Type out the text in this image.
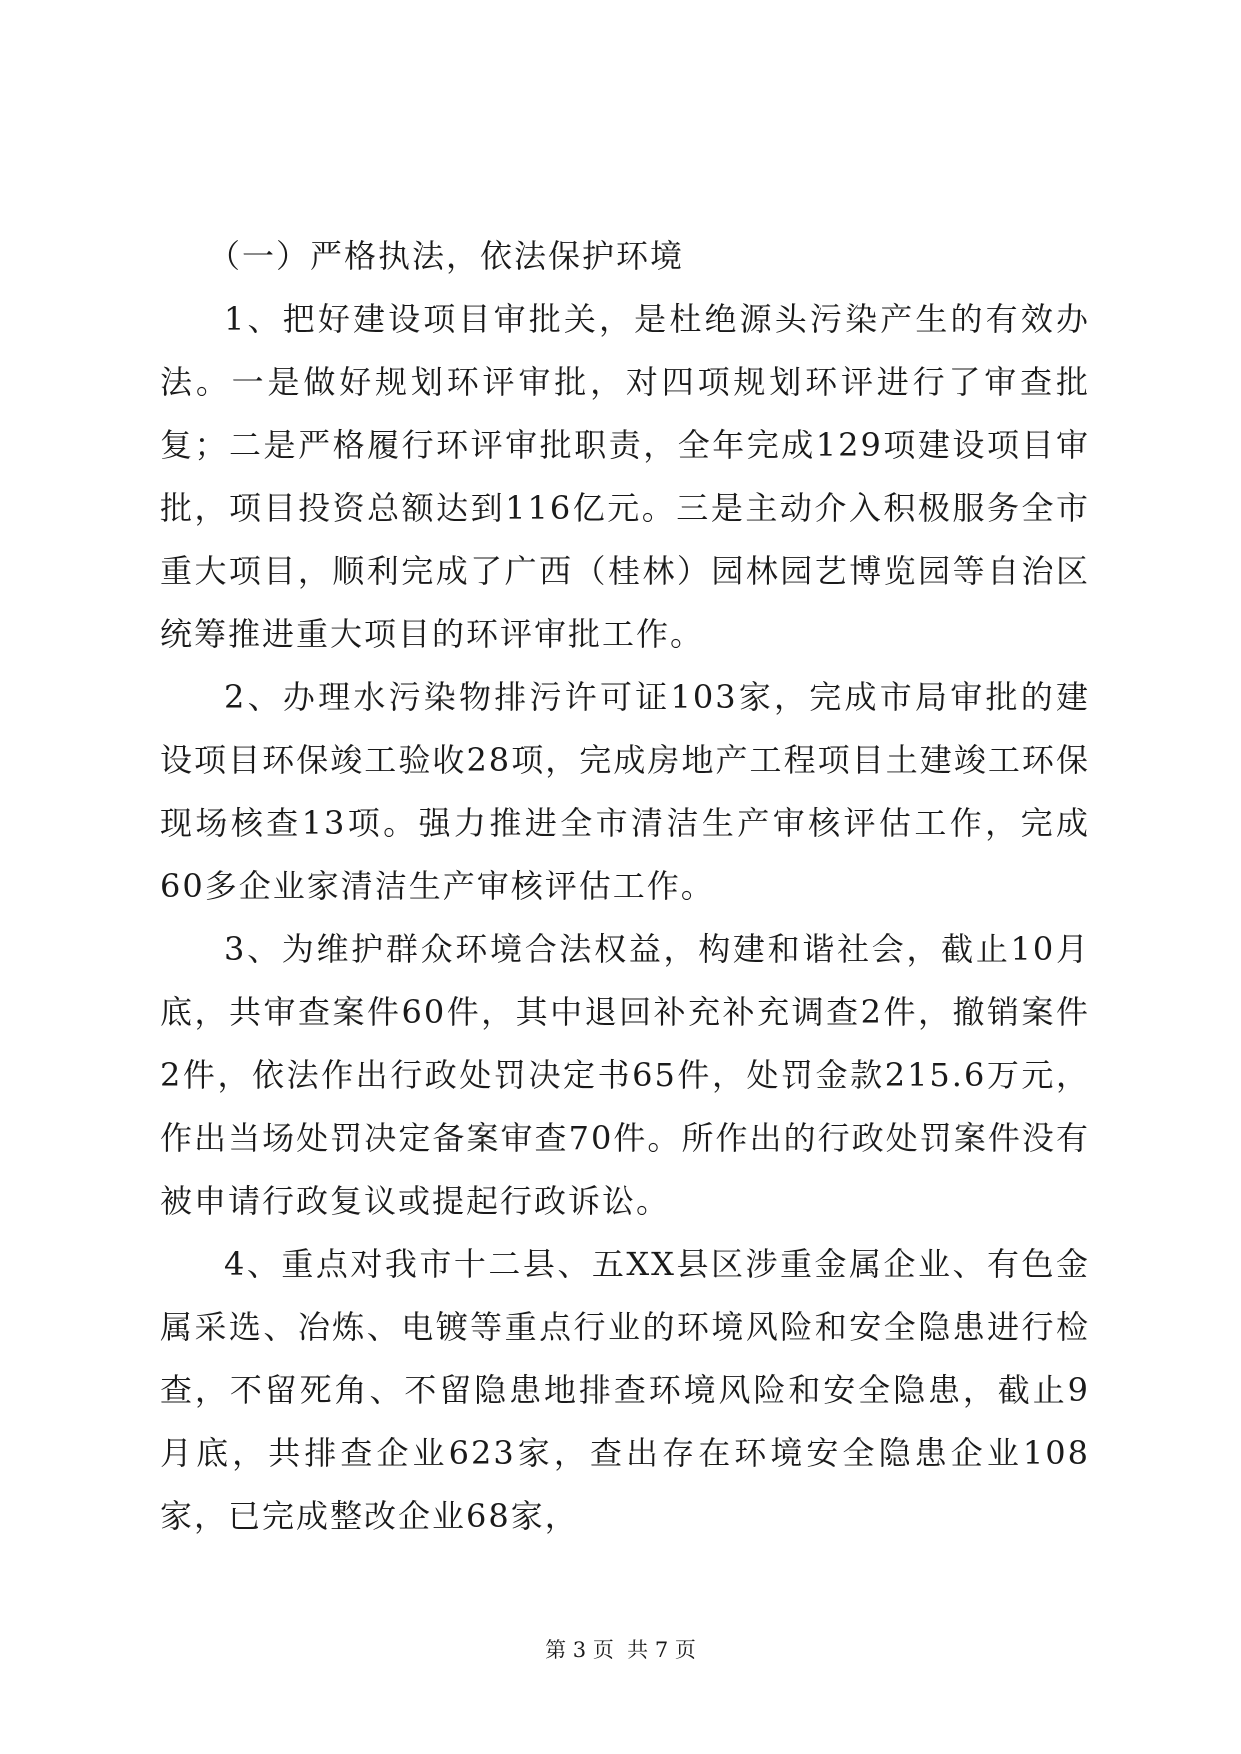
（一）严格执法，依法保护环境

1、把好建设项目审批关，是杜绝源头污染产生的有效办法。一是做好规划环评审批，对四项规划环评进行了审查批复；二是严格履行环评审批职责，全年完成129项建设项目审批，项目投资总额达到116亿元。三是主动介入积极服务全市重大项目，顺利完成了广西（桂林）园林园艺博览园等自治区统筹推进重大项目的环评审批工作。

2、办理水污染物排污许可证103家，完成市局审批的建设项目环保竣工验收28项，完成房地产工程项目土建竣工环保现场核查13项。强力推进全市清洁生产审核评估工作，完成60多企业家清洁生产审核评估工作。

3、为维护群众环境合法权益，构建和谐社会，截止10月底，共审查案件60件，其中退回补充补充调查2件，撤销案件2件，依法作出行政处罚决定书65件，处罚金款215.6万元，作出当场处罚决定备案审查70件。所作出的行政处罚案件没有被申请行政复议或提起行政诉讼。

4、重点对我市十二县、五XX县区涉重金属企业、有色金属采选、冶炼、电镀等重点行业的环境风险和安全隐患进行检查，不留死角、不留隐患地排查环境风险和安全隐患，截止9月底，共排查企业623家，查出存在环境安全隐患企业108家，已完成整改企业68家，

第 3 页  共 7 页
